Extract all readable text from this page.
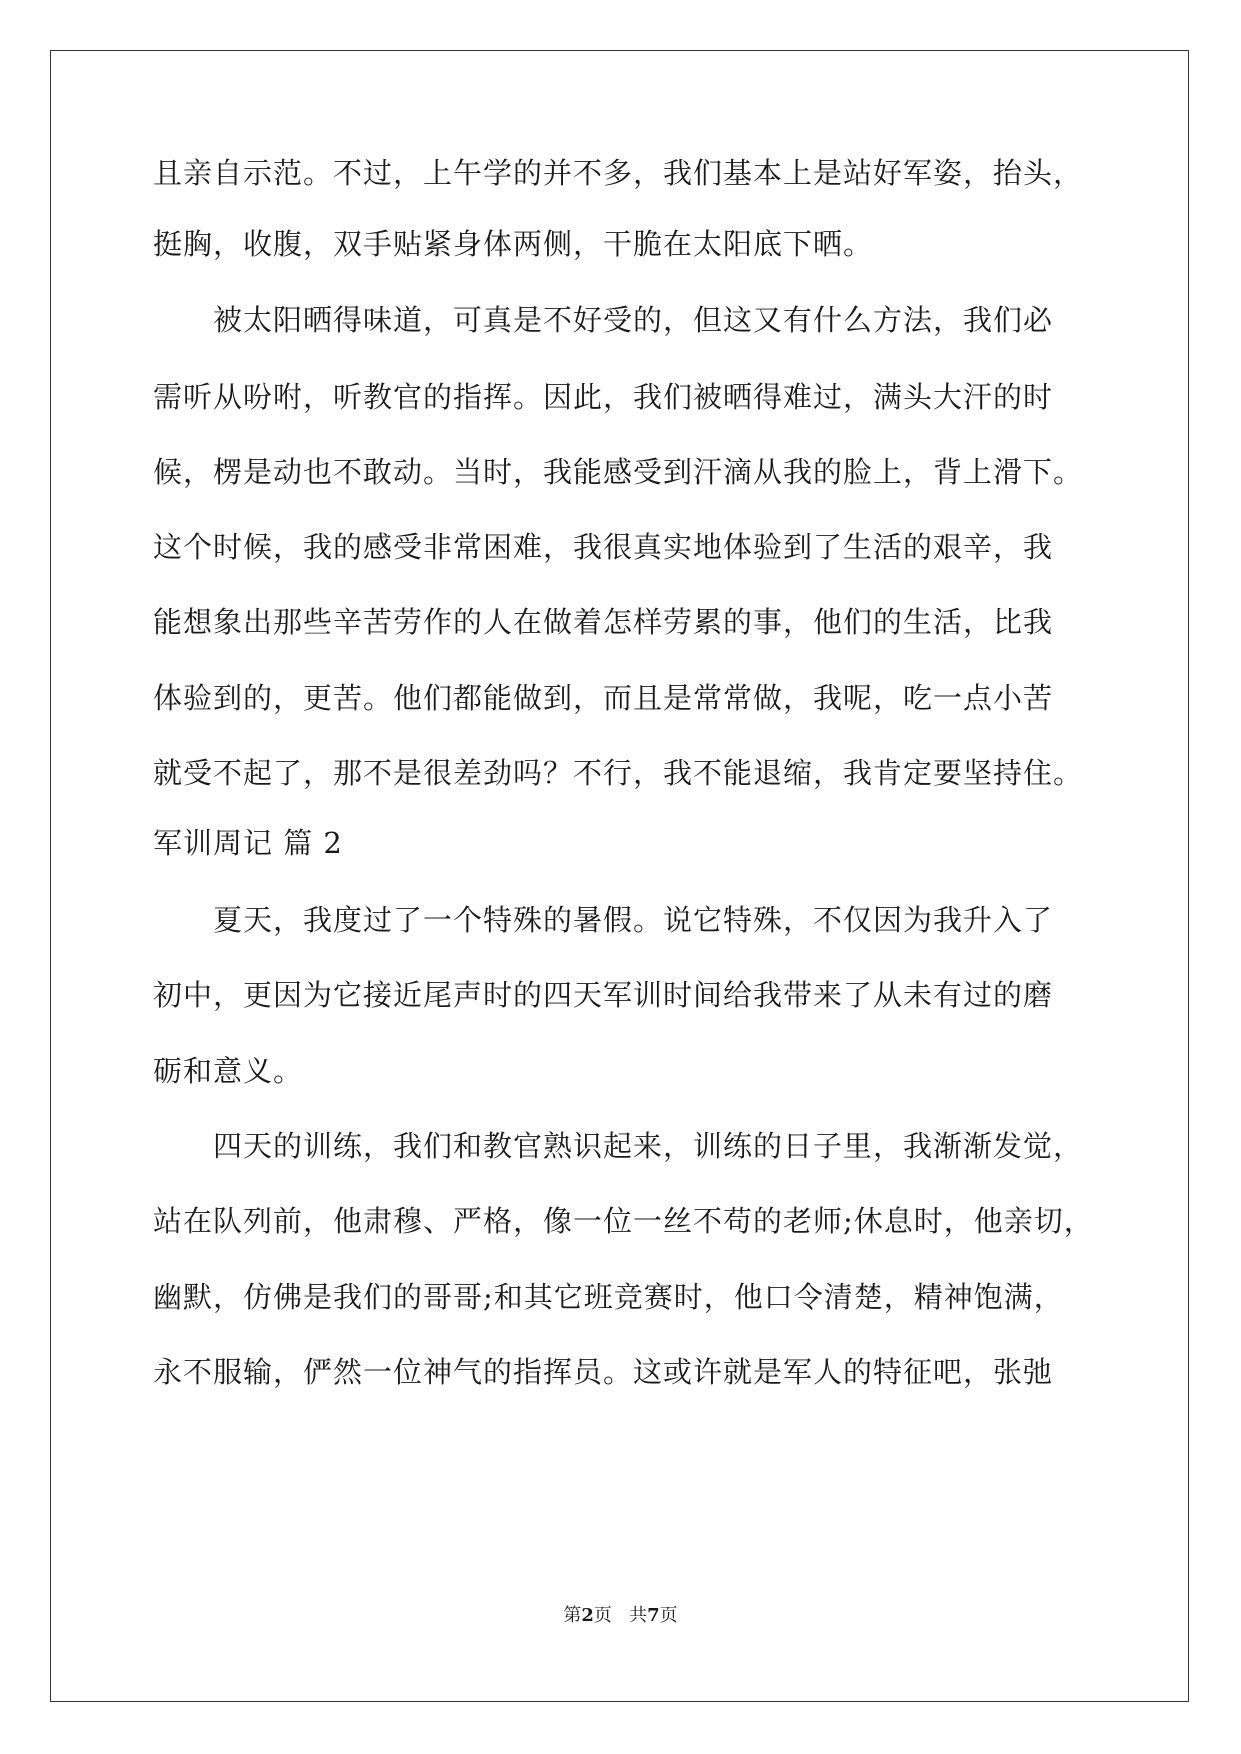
且亲自示范。不过，上午学的并不多，我们基本上是站好军姿，抬头，
挺胸，收腹，双手贴紧身体两侧，干脆在太阳底下晒。
　　被太阳晒得味道，可真是不好受的，但这又有什么方法，我们必
需听从吩咐，听教官的指挥。因此，我们被晒得难过，满头大汗的时
候，楞是动也不敢动。当时，我能感受到汗滴从我的脸上，背上滑下。
这个时候，我的感受非常困难，我很真实地体验到了生活的艰辛，我
能想象出那些辛苦劳作的人在做着怎样劳累的事，他们的生活，比我
体验到的，更苦。他们都能做到，而且是常常做，我呢，吃一点小苦
就受不起了，那不是很差劲吗？不行，我不能退缩，我肯定要坚持住。
军训周记 篇 2
　　夏天，我度过了一个特殊的暑假。说它特殊，不仅因为我升入了
初中，更因为它接近尾声时的四天军训时间给我带来了从未有过的磨
砺和意义。
　　四天的训练，我们和教官熟识起来，训练的日子里，我渐渐发觉，
站在队列前，他肃穆、严格，像一位一丝不苟的老师;休息时，他亲切，
幽默，仿佛是我们的哥哥;和其它班竞赛时，他口令清楚，精神饱满，
永不服输，俨然一位神气的指挥员。这或许就是军人的特征吧，张弛
第2页   共7页
